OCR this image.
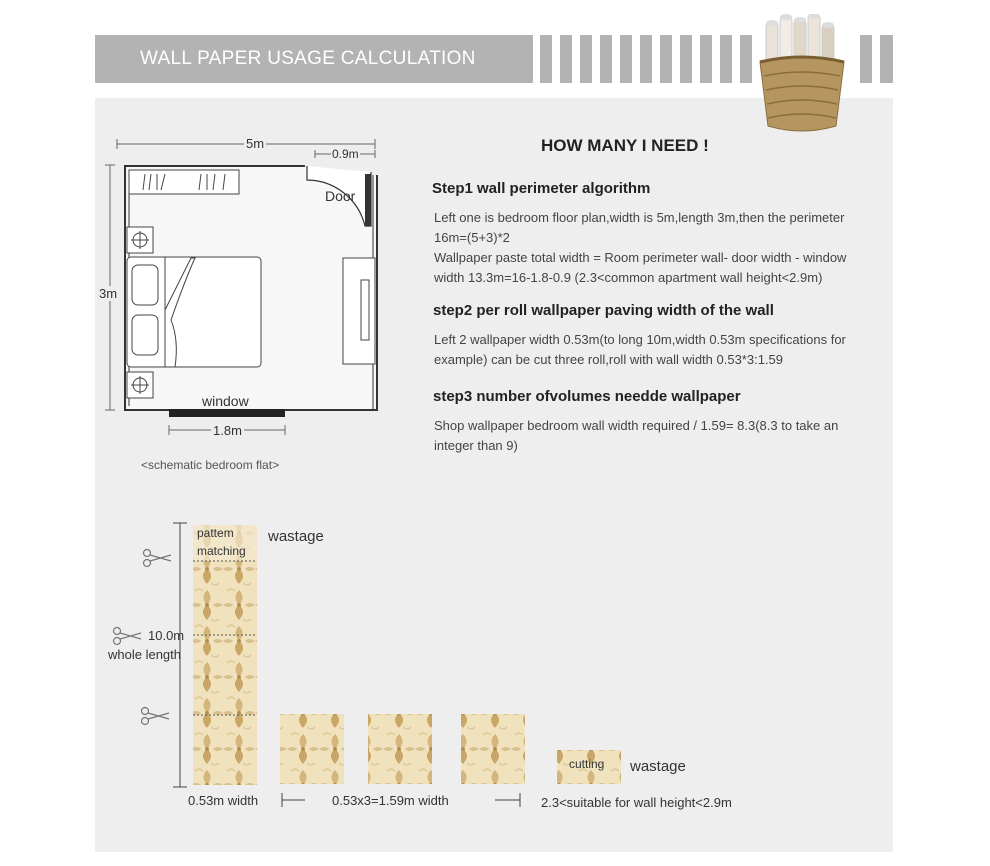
WALL PAPER USAGE CALCULATION
5m
0.9m
Door
3m
window
1.8m
<schematic bedroom flat>
HOW MANY I NEED !
Step1 wall perimeter algorithm
Left one is bedroom floor plan,width is 5m,length 3m,then the perimeter
16m=(5+3)*2
Wallpaper paste total width = Room perimeter wall- door width - window
width 13.3m=16-1.8-0.9 (2.3<common apartment wall height<2.9m)
step2 per roll wallpaper paving width of the wall
Left 2 wallpaper width 0.53m(to long 10m,width 0.53m specifications for
example) can be cut three roll,roll with wall width 0.53*3:1.59
step3 number ofvolumes needde wallpaper
Shop wallpaper bedroom wall width required / 1.59= 8.3(8.3 to take an
integer than 9)
pattem
matching
wastage
10.0m
whole length
0.53m width	0.53x3=1.59m width
cutting wastage
2.3<suitable for wall height<2.9m
